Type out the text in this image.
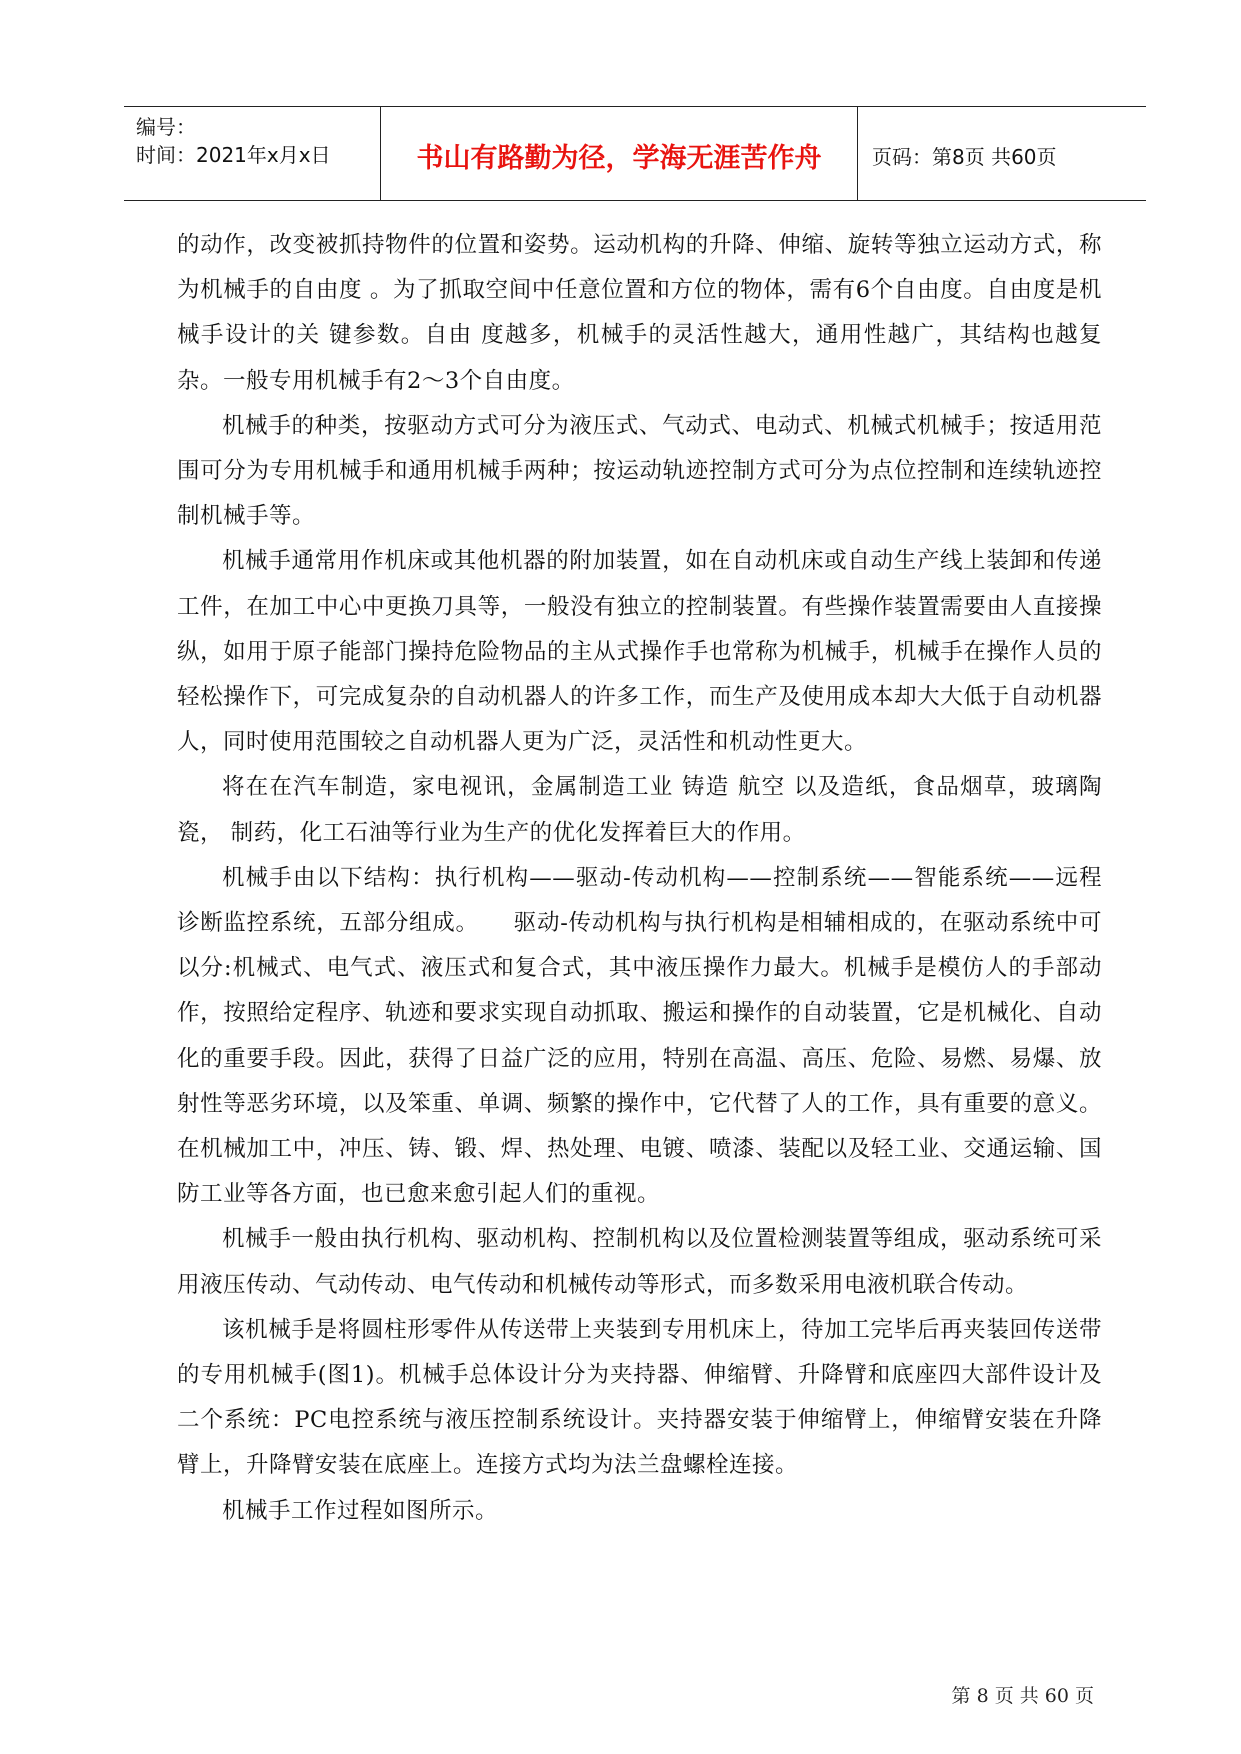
编号：
时间：2021年x月x日	书山有路勤为径，学海无涯苦作舟	页码：第8页 共60页

的动作，改变被抓持物件的位置和姿势。运动机构的升降、伸缩、旋转等独立运动方式，称为机械手的自由度 。为了抓取空间中任意位置和方位的物体，需有6个自由度。自由度是机 械手设计的关 键参数。自由 度越多，机械手的灵活性越大，通用性越广，其结构也越复杂。一般专用机械手有2～3个自由度。

机械手的种类，按驱动方式可分为液压式、气动式、电动式、机械式机械手；按适用范围可分为专用机械手和通用机械手两种；按运动轨迹控制方式可分为点位控制和连续轨迹控制机械手等。

机械手通常用作机床或其他机器的附加装置，如在自动机床或自动生产线上装卸和传递工件，在加工中心中更换刀具等，一般没有独立的控制装置。有些操作装置需要由人直接操纵，如用于原子能部门操持危险物品的主从式操作手也常称为机械手，机械手在操作人员的轻松操作下，可完成复杂的自动机器人的许多工作，而生产及使用成本却大大低于自动机器人，同时使用范围较之自动机器人更为广泛，灵活性和机动性更大。

将在在汽车制造，家电视讯，金属制造工业 铸造 航空 以及造纸，食品烟草，玻璃陶瓷， 制药，化工石油等行业为生产的优化发挥着巨大的作用。

机械手由以下结构：执行机构——驱动-传动机构——控制系统——智能系统——远程诊断监控系统，五部分组成。　　驱动-传动机构与执行机构是相辅相成的，在驱动系统中可以分:机械式、电气式、液压式和复合式，其中液压操作力最大。机械手是模仿人的手部动作，按照给定程序、轨迹和要求实现自动抓取、搬运和操作的自动装置，它是机械化、自动化的重要手段。因此，获得了日益广泛的应用，特别在高温、高压、危险、易燃、易爆、放射性等恶劣环境，以及笨重、单调、频繁的操作中，它代替了人的工作，具有重要的意义。在机械加工中，冲压、铸、锻、焊、热处理、电镀、喷漆、装配以及轻工业、交通运输、国防工业等各方面，也已愈来愈引起人们的重视。

机械手一般由执行机构、驱动机构、控制机构以及位置检测装置等组成，驱动系统可采用液压传动、气动传动、电气传动和机械传动等形式，而多数采用电液机联合传动。

该机械手是将圆柱形零件从传送带上夹装到专用机床上，待加工完毕后再夹装回传送带的专用机械手(图1)。机械手总体设计分为夹持器、伸缩臂、升降臂和底座四大部件设计及二个系统：PC电控系统与液压控制系统设计。夹持器安装于伸缩臂上，伸缩臂安装在升降臂上，升降臂安装在底座上。连接方式均为法兰盘螺栓连接。

机械手工作过程如图所示。

第 8 页 共 60 页
